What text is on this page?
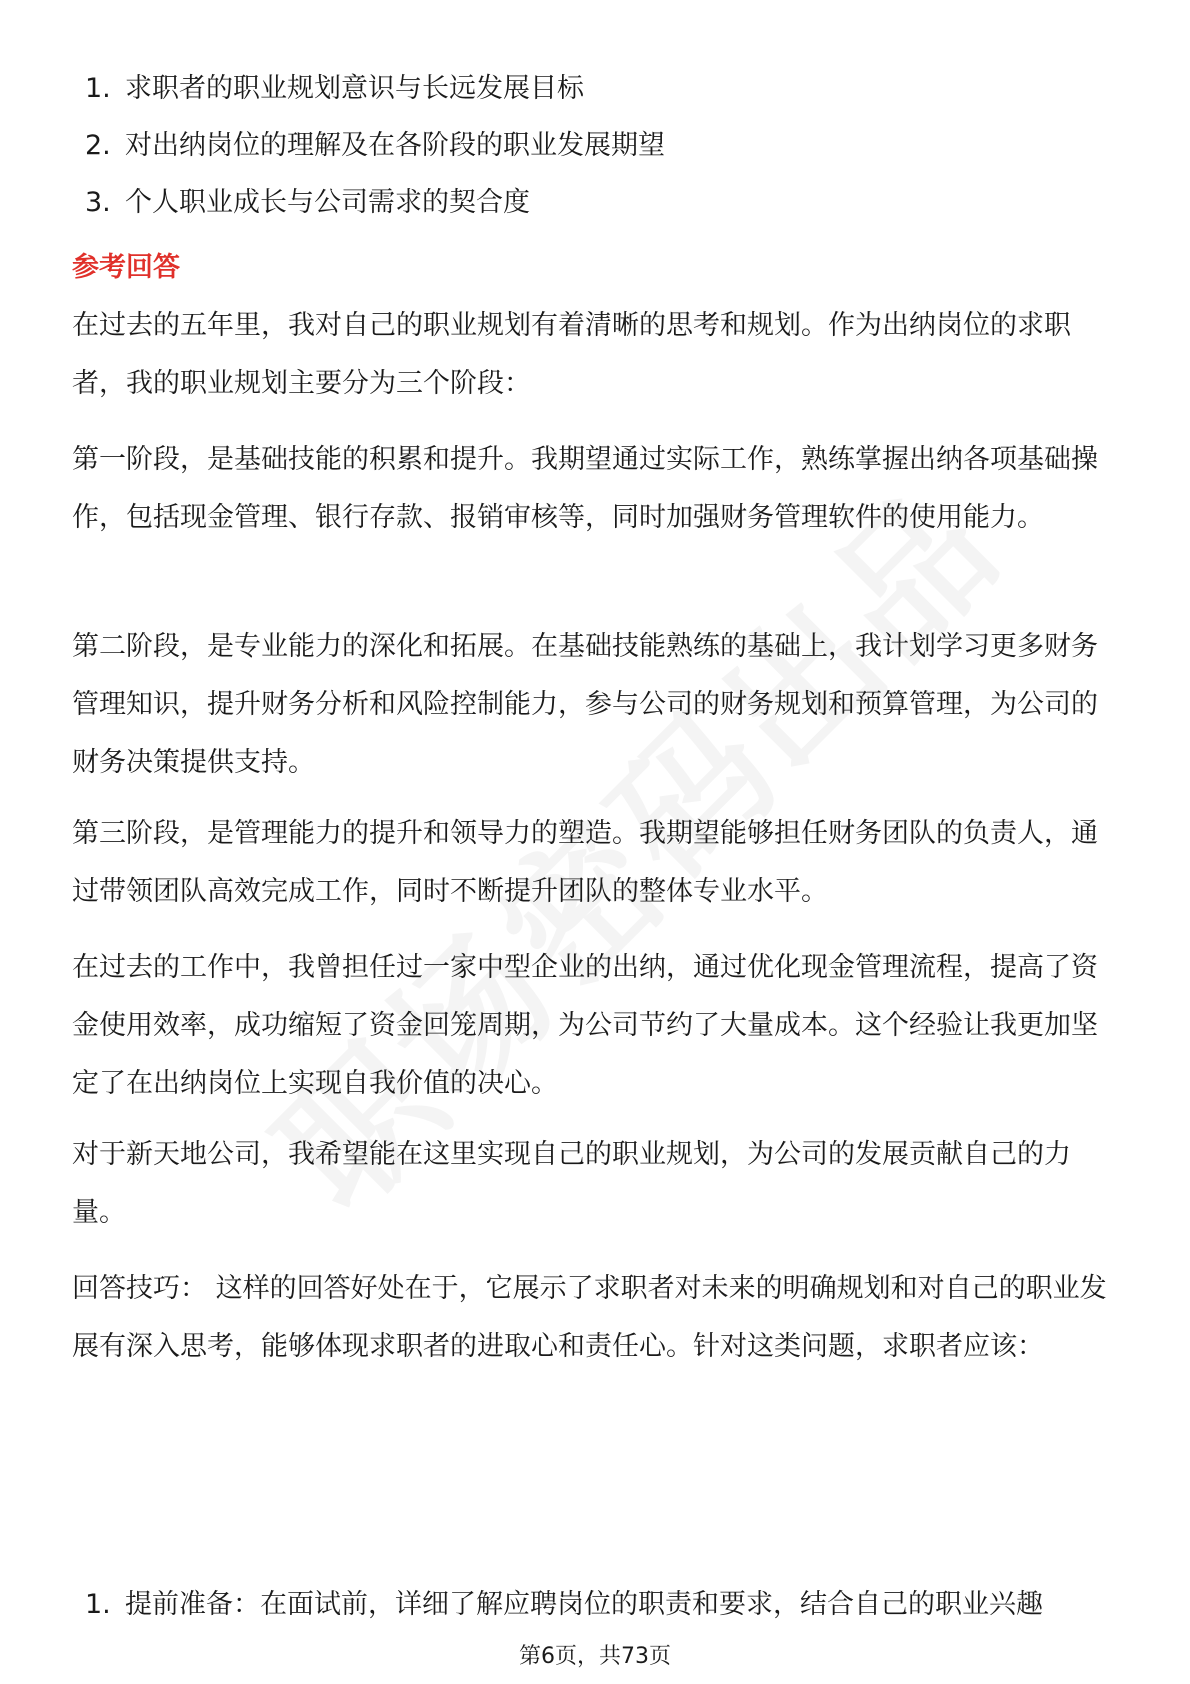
1. 求职者的职业规划意识与长远发展目标
2. 对出纳岗位的理解及在各阶段的职业发展期望
3. 个人职业成长与公司需求的契合度
参考回答

在过去的五年里，我对自己的职业规划有着清晰的思考和规划。作为出纳岗位的求职者，我的职业规划主要分为三个阶段：

第一阶段，是基础技能的积累和提升。我期望通过实际工作，熟练掌握出纳各项基础操作，包括现金管理、银行存款、报销审核等，同时加强财务管理软件的使用能力。

第二阶段，是专业能力的深化和拓展。在基础技能熟练的基础上，我计划学习更多财务管理知识，提升财务分析和风险控制能力，参与公司的财务规划和预算管理，为公司的财务决策提供支持。

第三阶段，是管理能力的提升和领导力的塑造。我期望能够担任财务团队的负责人，通过带领团队高效完成工作，同时不断提升团队的整体专业水平。

在过去的工作中，我曾担任过一家中型企业的出纳，通过优化现金管理流程，提高了资金使用效率，成功缩短了资金回笼周期，为公司节约了大量成本。这个经验让我更加坚定了在出纳岗位上实现自我价值的决心。

对于新天地公司，我希望能在这里实现自己的职业规划，为公司的发展贡献自己的力量。

回答技巧： 这样的回答好处在于，它展示了求职者对未来的明确规划和对自己的职业发展有深入思考，能够体现求职者的进取心和责任心。针对这类问题，求职者应该：

1. 提前准备：在面试前，详细了解应聘岗位的职责和要求，结合自己的职业兴趣
第6页，共73页
